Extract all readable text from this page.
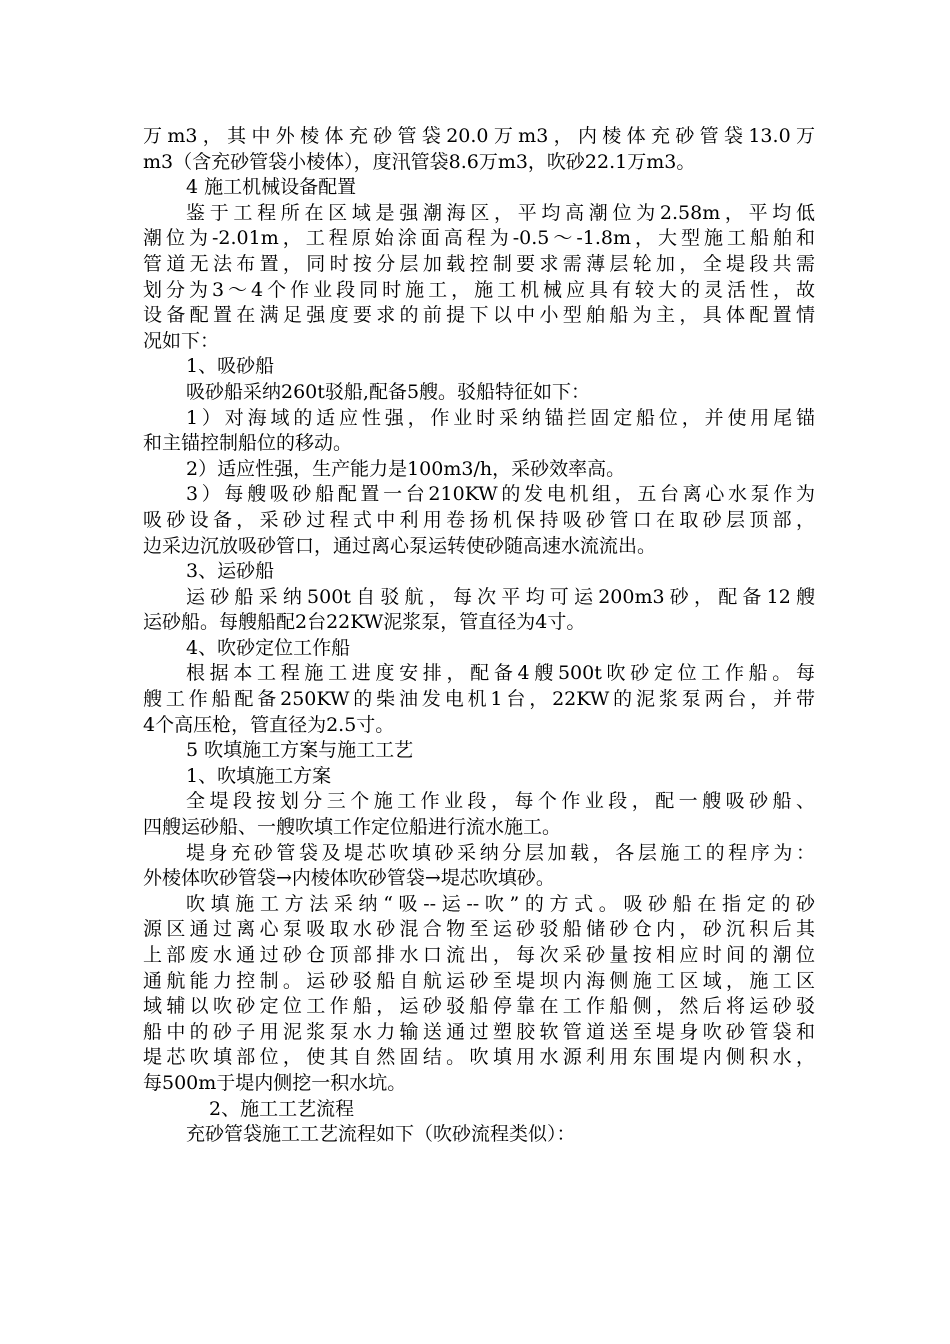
万m3，其中外棱体充砂管袋20.0万m3，内棱体充砂管袋13.0万
m3（含充砂管袋小棱体），度汛管袋8.6万m3，吹砂22.1万m3。
4 施工机械设备配置
鉴于工程所在区域是强潮海区，平均高潮位为2.58m，平均低
潮位为-2.01m，工程原始涂面高程为-0.5～-1.8m，大型施工船舶和
管道无法布置，同时按分层加载控制要求需薄层轮加，全堤段共需
划分为3～4个作业段同时施工，施工机械应具有较大的灵活性，故
设备配置在满足强度要求的前提下以中小型舶船为主，具体配置情
况如下：
1、吸砂船
吸砂船采纳260t驳船,配备5艘。驳船特征如下：
1）对海域的适应性强，作业时采纳锚拦固定船位，并使用尾锚
和主锚控制船位的移动。
2）适应性强，生产能力是100m3/h，采砂效率高。
3）每艘吸砂船配置一台210KW的发电机组，五台离心水泵作为
吸砂设备，采砂过程式中利用卷扬机保持吸砂管口在取砂层顶部，
边采边沉放吸砂管口，通过离心泵运转使砂随高速水流流出。
3、运砂船
运砂船采纳500t自驳航，每次平均可运200m3砂，配备12艘
运砂船。每艘船配2台22KW泥浆泵，管直径为4寸。
4、吹砂定位工作船
根据本工程施工进度安排，配备4艘500t吹砂定位工作船。每
艘工作船配备250KW的柴油发电机1台，22KW的泥浆泵两台，并带
4个高压枪，管直径为2.5寸。
5 吹填施工方案与施工工艺
1、吹填施工方案
全堤段按划分三个施工作业段，每个作业段，配一艘吸砂船、
四艘运砂船、一艘吹填工作定位船进行流水施工。
堤身充砂管袋及堤芯吹填砂采纳分层加载，各层施工的程序为：
外棱体吹砂管袋→内棱体吹砂管袋→堤芯吹填砂。
吹填施工方法采纳“吸--运--吹”的方式。吸砂船在指定的砂
源区通过离心泵吸取水砂混合物至运砂驳船储砂仓内，砂沉积后其
上部废水通过砂仓顶部排水口流出，每次采砂量按相应时间的潮位
通航能力控制。运砂驳船自航运砂至堤坝内海侧施工区域，施工区
域辅以吹砂定位工作船，运砂驳船停靠在工作船侧，然后将运砂驳
船中的砂子用泥浆泵水力输送通过塑胶软管道送至堤身吹砂管袋和
堤芯吹填部位，使其自然固结。吹填用水源利用东围堤内侧积水，
每500m于堤内侧挖一积水坑。
2、施工工艺流程
充砂管袋施工工艺流程如下（吹砂流程类似）：
